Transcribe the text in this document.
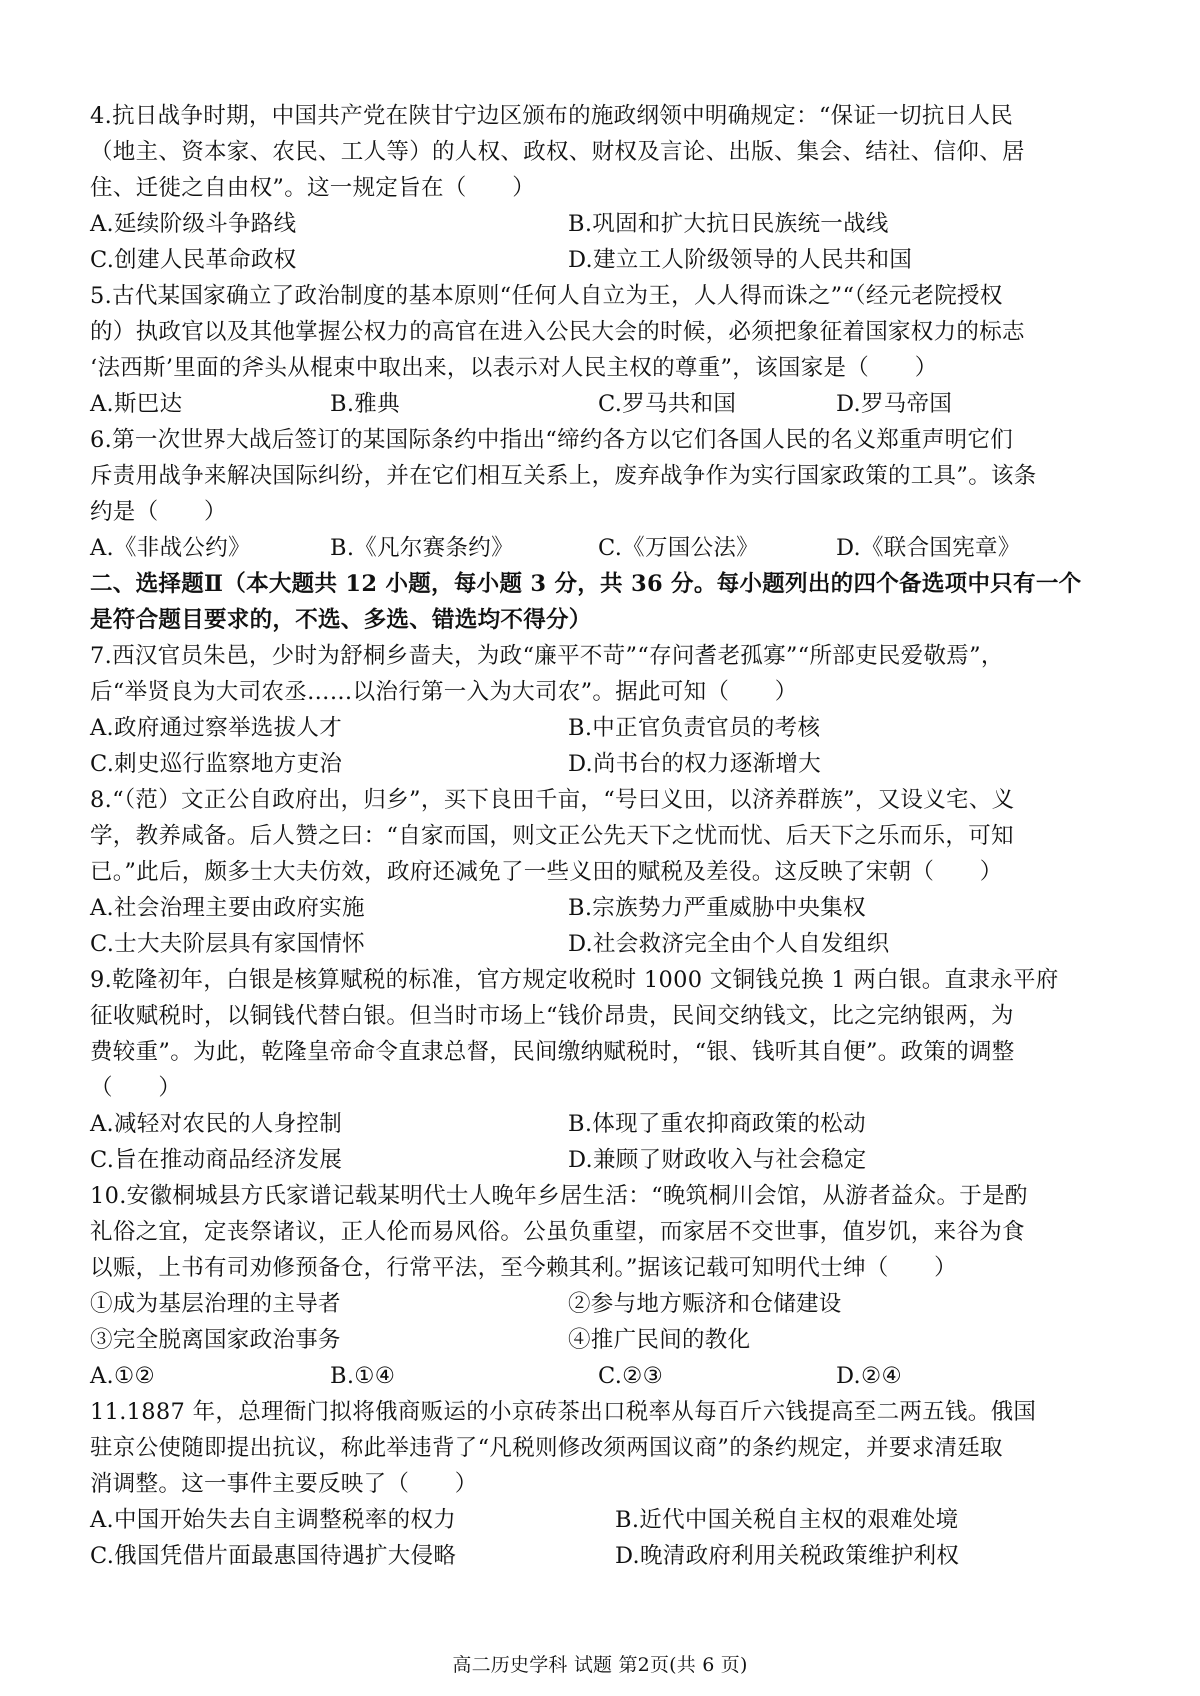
4.抗日战争时期，中国共产党在陕甘宁边区颁布的施政纲领中明确规定：“保证一切抗日人民
（地主、资本家、农民、工人等）的人权、政权、财权及言论、出版、集会、结社、信仰、居
住、迁徙之自由权”。这一规定旨在（　　）
A.延续阶级斗争路线	B.巩固和扩大抗日民族统一战线
C.创建人民革命政权	D.建立工人阶级领导的人民共和国
5.古代某国家确立了政治制度的基本原则“任何人自立为王，人人得而诛之”“（经元老院授权
的）执政官以及其他掌握公权力的高官在进入公民大会的时候，必须把象征着国家权力的标志
‘法西斯’里面的斧头从棍束中取出来，以表示对人民主权的尊重”，该国家是（　　）
A.斯巴达	B.雅典	C.罗马共和国	D.罗马帝国
6.第一次世界大战后签订的某国际条约中指出“缔约各方以它们各国人民的名义郑重声明它们
斥责用战争来解决国际纠纷，并在它们相互关系上，废弃战争作为实行国家政策的工具”。该条
约是（　　）
A.《非战公约》	B.《凡尔赛条约》	C.《万国公法》	D.《联合国宪章》
二、选择题Ⅱ（本大题共 12 小题，每小题 3 分，共 36 分。每小题列出的四个备选项中只有一个
是符合题目要求的，不选、多选、错选均不得分）
7.西汉官员朱邑，少时为舒桐乡啬夫，为政“廉平不苛”“存问耆老孤寡”“所部吏民爱敬焉”，
后“举贤良为大司农丞……以治行第一入为大司农”。据此可知（　　）
A.政府通过察举选拔人才	B.中正官负责官员的考核
C.刺史巡行监察地方吏治	D.尚书台的权力逐渐增大
8.“（范）文正公自政府出，归乡”，买下良田千亩，“号曰义田，以济养群族”，又设义宅、义
学，教养咸备。后人赞之曰：“自家而国，则文正公先天下之忧而忧、后天下之乐而乐，可知
已。”此后，颇多士大夫仿效，政府还减免了一些义田的赋税及差役。这反映了宋朝（　　）
A.社会治理主要由政府实施	B.宗族势力严重威胁中央集权
C.士大夫阶层具有家国情怀	D.社会救济完全由个人自发组织
9.乾隆初年，白银是核算赋税的标准，官方规定收税时 1000 文铜钱兑换 1 两白银。直隶永平府
征收赋税时，以铜钱代替白银。但当时市场上“钱价昂贵，民间交纳钱文，比之完纳银两，为
费较重”。为此，乾隆皇帝命令直隶总督，民间缴纳赋税时，“银、钱听其自便”。政策的调整
（　　）
A.减轻对农民的人身控制	B.体现了重农抑商政策的松动
C.旨在推动商品经济发展	D.兼顾了财政收入与社会稳定
10.安徽桐城县方氏家谱记载某明代士人晚年乡居生活：“晚筑桐川会馆，从游者益众。于是酌
礼俗之宜，定丧祭诸议，正人伦而易风俗。公虽负重望，而家居不交世事，值岁饥，来谷为食
以赈，上书有司劝修预备仓，行常平法，至今赖其利。”据该记载可知明代士绅（　　）
①成为基层治理的主导者	②参与地方赈济和仓储建设
③完全脱离国家政治事务	④推广民间的教化
A.①②	B.①④	C.②③	D.②④
11.1887 年，总理衙门拟将俄商贩运的小京砖茶出口税率从每百斤六钱提高至二两五钱。俄国
驻京公使随即提出抗议，称此举违背了“凡税则修改须两国议商”的条约规定，并要求清廷取
消调整。这一事件主要反映了（　　）
A.中国开始失去自主调整税率的权力	B.近代中国关税自主权的艰难处境
C.俄国凭借片面最惠国待遇扩大侵略	D.晚清政府利用关税政策维护利权
高二历史学科 试题 第2页(共 6 页)
